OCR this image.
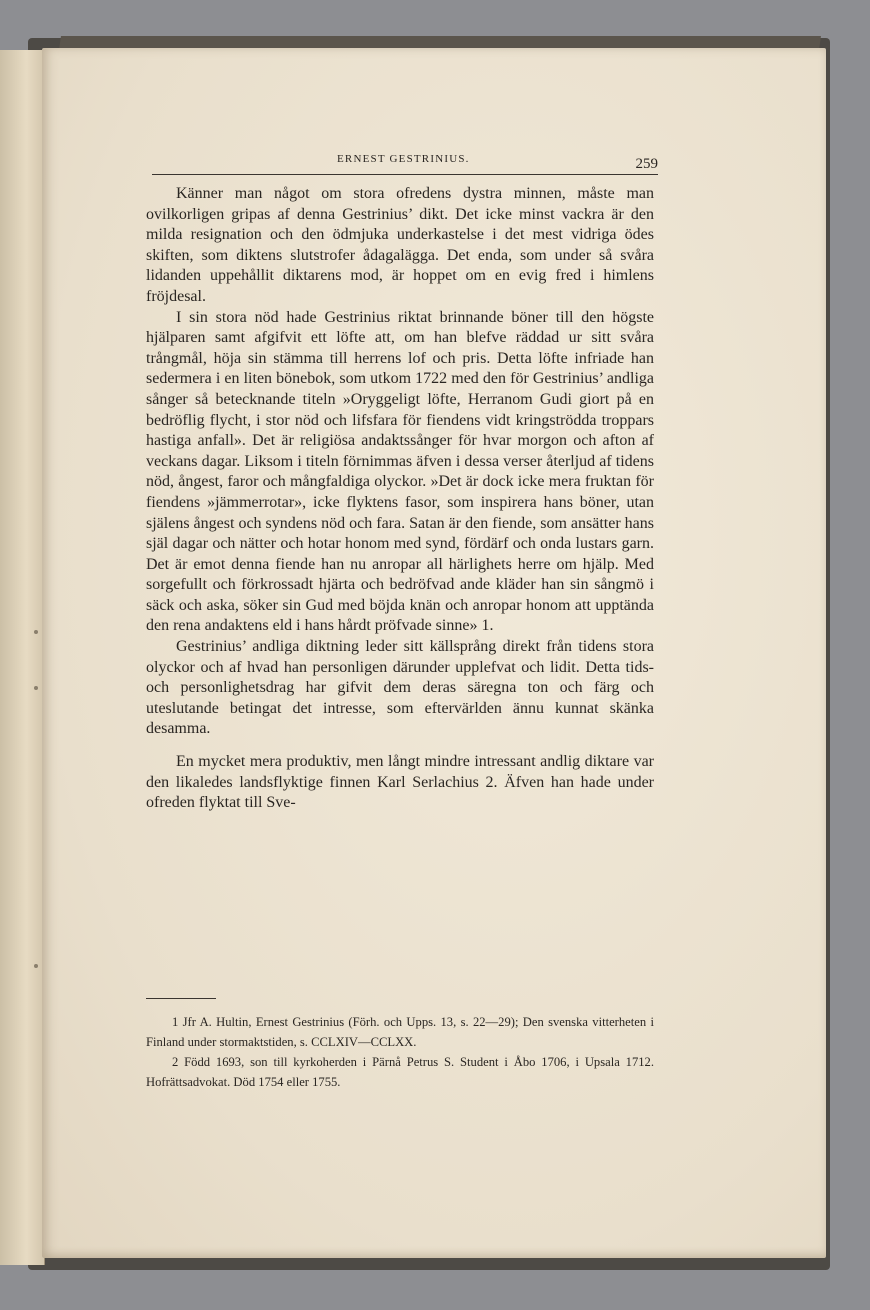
ERNEST GESTRINIUS.	259

Känner man något om stora ofredens dystra minnen, måste man ovilkorligen gripas af denna Gestrinius’ dikt. Det icke minst vackra är den milda resignation och den ödmjuka underkastelse i det mest vidriga ödes skiften, som diktens slutstrofer ådagalägga. Det enda, som under så svåra lidanden uppehållit diktarens mod, är hoppet om en evig fred i himlens fröjdesal.

I sin stora nöd hade Gestrinius riktat brinnande böner till den högste hjälparen samt afgifvit ett löfte att, om han blefve räddad ur sitt svåra trångmål, höja sin stämma till herrens lof och pris. Detta löfte infriade han sedermera i en liten bönebok, som utkom 1722 med den för Gestrinius’ andliga sånger så betecknande titeln »Oryggeligt löfte, Herranom Gudi giort på en bedröflig flycht, i stor nöd och lifsfara för fiendens vidt kringströdda troppars hastiga anfall». Det är religiösa andaktssånger för hvar morgon och afton af veckans dagar. Liksom i titeln förnimmas äfven i dessa verser återljud af tidens nöd, ångest, faror och mångfaldiga olyckor. »Det är dock icke mera fruktan för fiendens »jämmerrotar», icke flyktens fasor, som inspirera hans böner, utan själens ångest och syndens nöd och fara. Satan är den fiende, som ansätter hans själ dagar och nätter och hotar honom med synd, fördärf och onda lustars garn. Det är emot denna fiende han nu anropar all härlighets herre om hjälp. Med sorgefullt och förkrossadt hjärta och bedröfvad ande kläder han sin sångmö i säck och aska, söker sin Gud med böjda knän och anropar honom att upptända den rena andaktens eld i hans hårdt pröfvade sinne» 1.

Gestrinius’ andliga diktning leder sitt källsprång direkt från tidens stora olyckor och af hvad han personligen därunder upplefvat och lidit. Detta tids- och personlighetsdrag har gifvit dem deras säregna ton och färg och uteslutande betingat det intresse, som eftervärlden ännu kunnat skänka desamma.

En mycket mera produktiv, men långt mindre intressant andlig diktare var den likaledes landsflyktige finnen Karl Serlachius 2. Äfven han hade under ofreden flyktat till Sve-

1 Jfr A. Hultin, Ernest Gestrinius (Förh. och Upps. 13, s. 22—29); Den svenska vitterheten i Finland under stormaktstiden, s. CCLXIV—CCLXX.

2 Född 1693, son till kyrkoherden i Pärnå Petrus S. Student i Åbo 1706, i Upsala 1712. Hofrättsadvokat. Död 1754 eller 1755.
